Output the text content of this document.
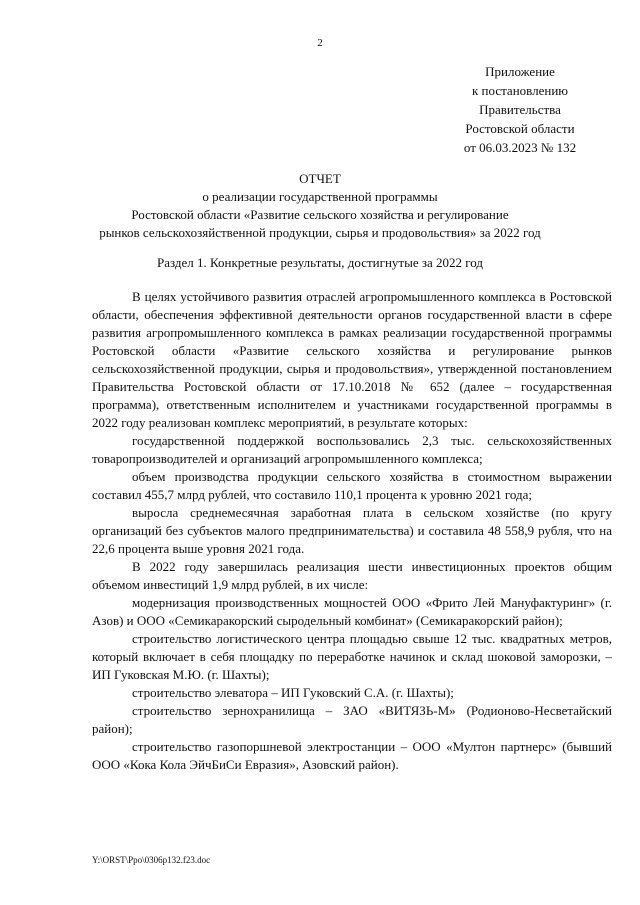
2
Приложение
к постановлению
Правительства
Ростовской области
от 06.03.2023 № 132
ОТЧЕТ
о реализации государственной программы
Ростовской области «Развитие сельского хозяйства и регулирование
рынков сельскохозяйственной продукции, сырья и продовольствия» за 2022 год
Раздел 1. Конкретные результаты, достигнутые за 2022 год

В целях устойчивого развития отраслей агропромышленного комплекса в Ростовской области, обеспечения эффективной деятельности органов государственной власти в сфере развития агропромышленного комплекса в рамках реализации государственной программы Ростовской области «Развитие сельского хозяйства и регулирование рынков сельскохозяйственной продукции, сырья и продовольствия», утвержденной постановлением Правительства Ростовской области от 17.10.2018 № 652 (далее – государственная программа), ответственным исполнителем и участниками государственной программы в 2022 году реализован комплекс мероприятий, в результате которых:

государственной поддержкой воспользовались 2,3 тыс. сельскохозяйственных товаропроизводителей и организаций агропромышленного комплекса;

объем производства продукции сельского хозяйства в стоимостном выражении составил 455,7 млрд рублей, что составило 110,1 процента к уровню 2021 года;

выросла среднемесячная заработная плата в сельском хозяйстве (по кругу организаций без субъектов малого предпринимательства) и составила 48 558,9 рубля, что на 22,6 процента выше уровня 2021 года.

В 2022 году завершилась реализация шести инвестиционных проектов общим объемом инвестиций 1,9 млрд рублей, в их числе:

модернизация производственных мощностей ООО «Фрито Лей Мануфактуринг» (г. Азов) и ООО «Семикаракорский сыродельный комбинат» (Семикаракорский район);

строительство логистического центра площадью свыше 12 тыс. квадратных метров, который включает в себя площадку по переработке начинок и склад шоковой заморозки, – ИП Гуковская М.Ю. (г. Шахты);

строительство элеватора – ИП Гуковский С.А. (г. Шахты);

строительство зернохранилища – ЗАО «ВИТЯЗЬ-М» (Родионово-Несветайский район);

строительство газопоршневой электростанции – ООО «Мултон партнерс» (бывший ООО «Кока Кола ЭйчБиСи Евразия», Азовский район).

Y:\ORST\Ppo\0306p132.f23.doc
